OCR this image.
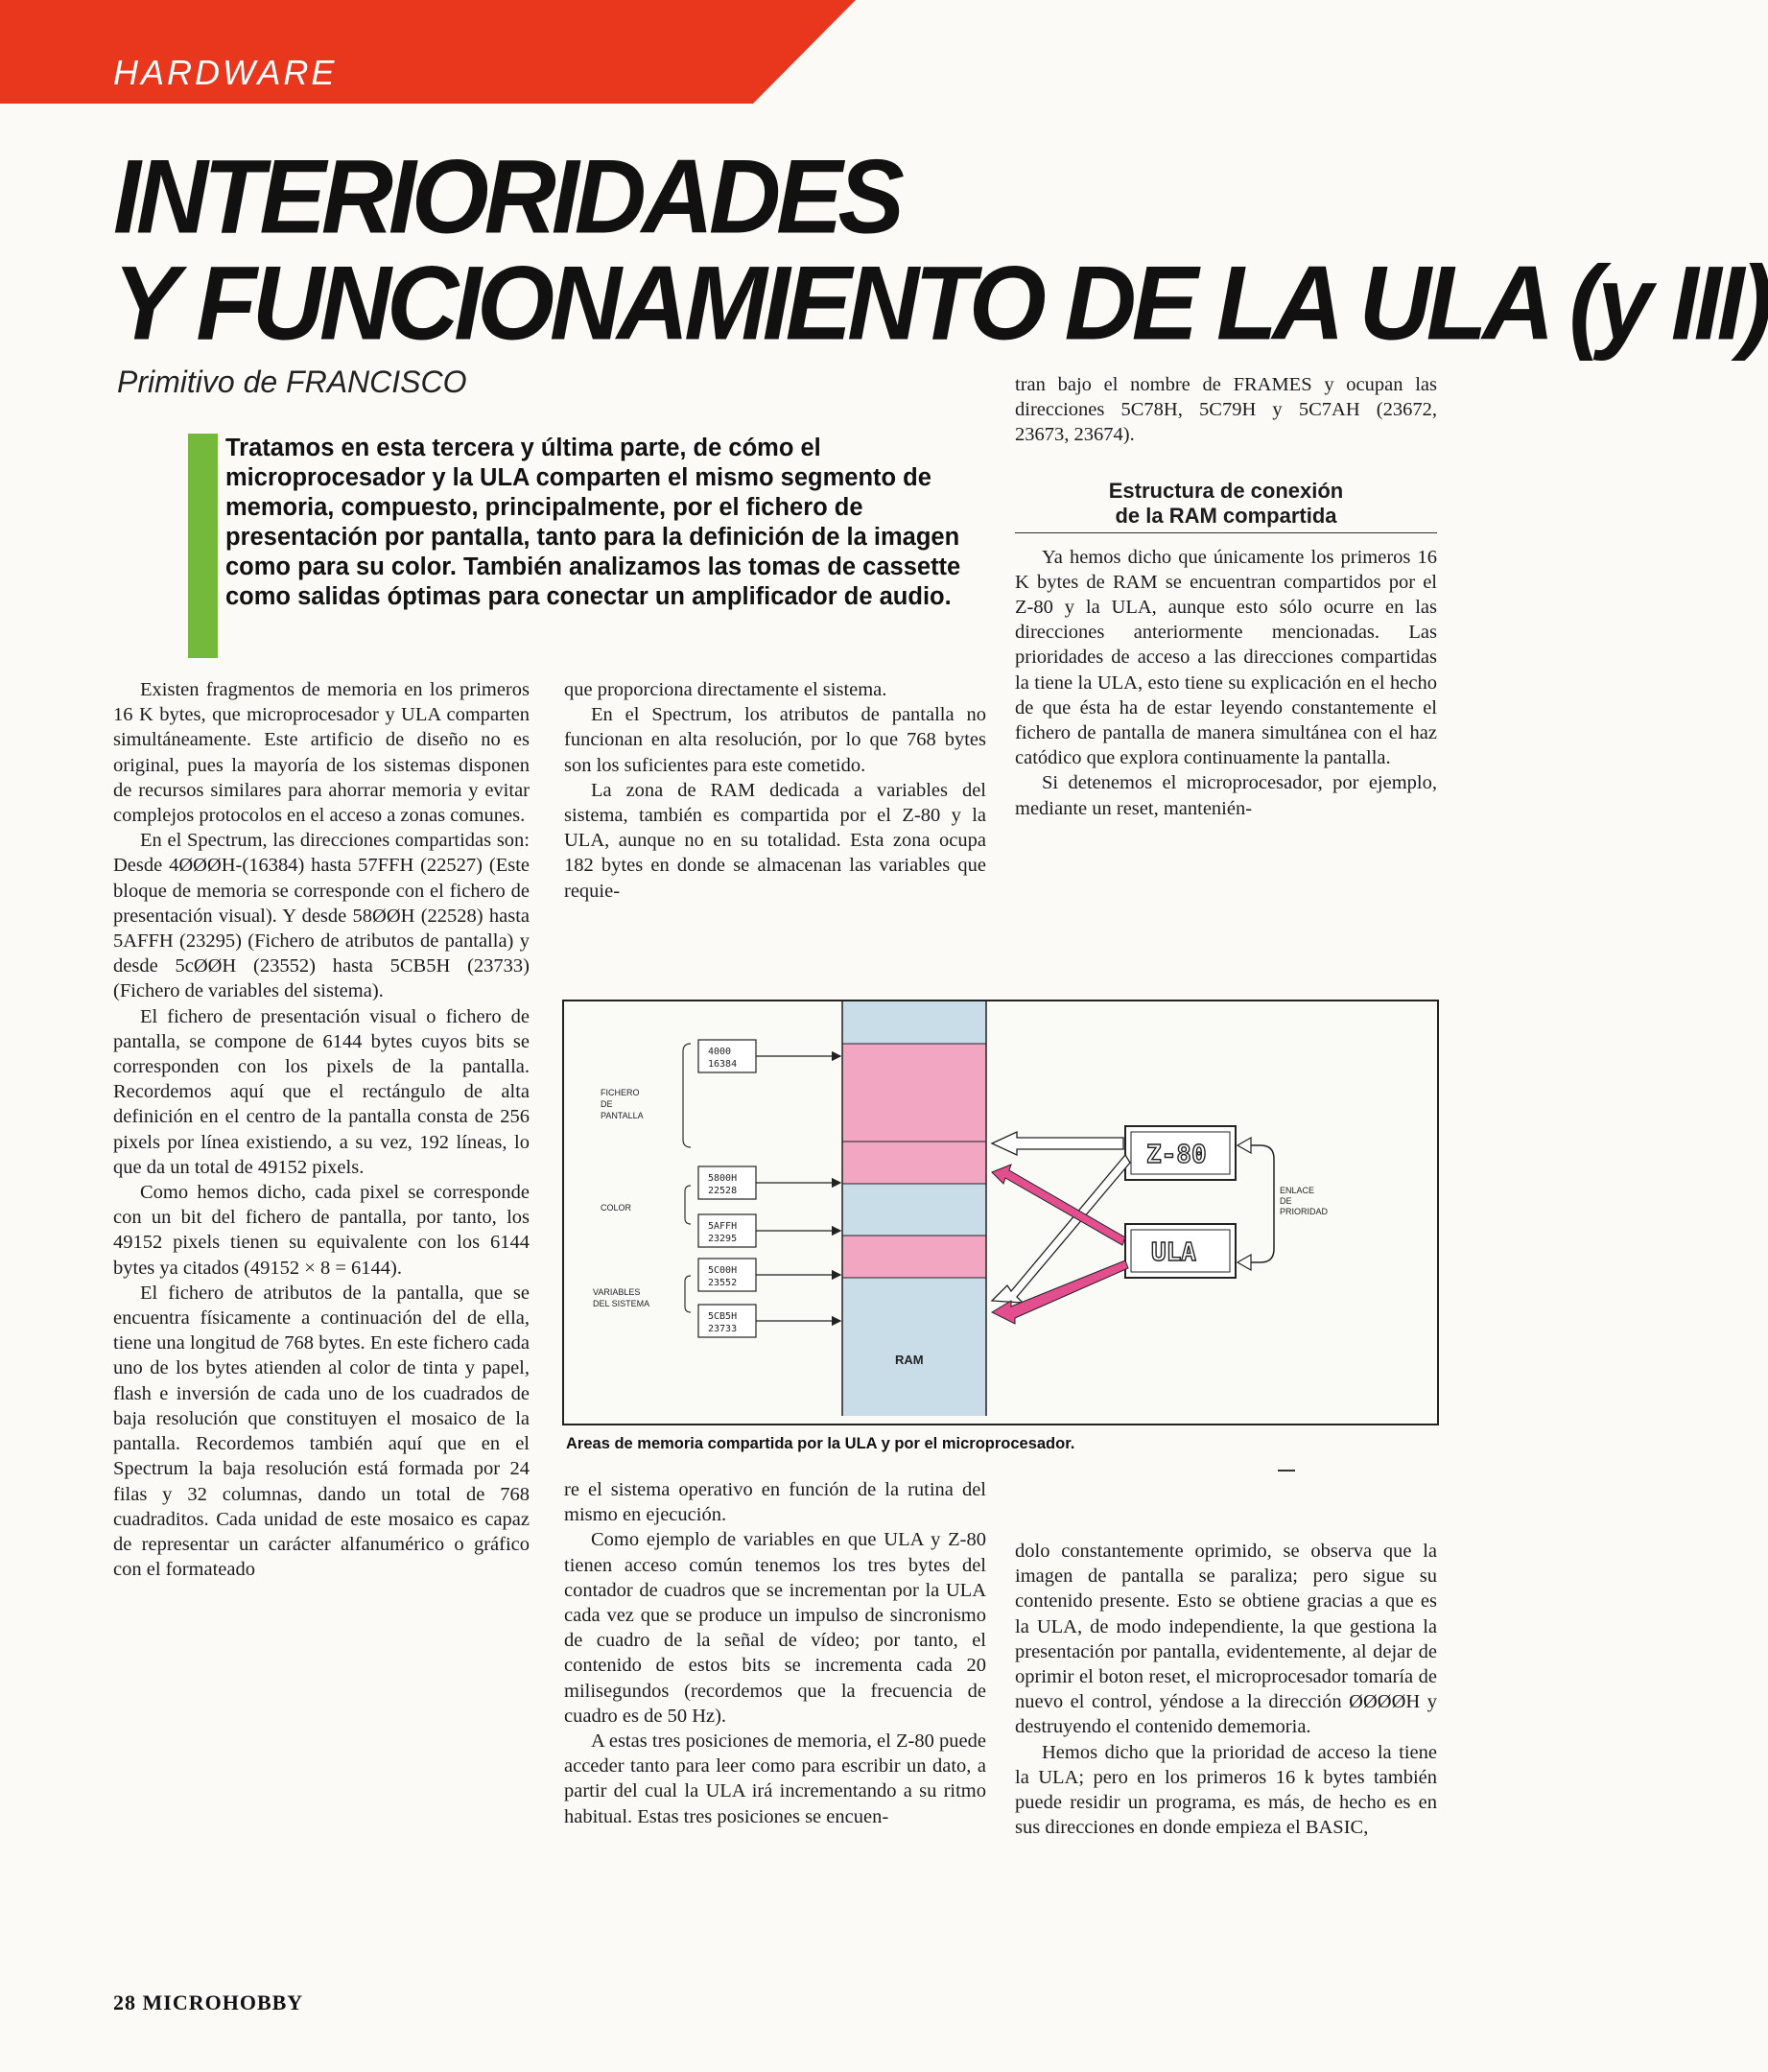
HARDWARE
INTERIORIDADES
Y FUNCIONAMIENTO DE LA ULA (y III)
Primitivo de FRANCISCO
Tratamos en esta tercera y última parte, de cómo el microprocesador y la ULA comparten el mismo segmento de memoria, compuesto, principalmente, por el fichero de presentación por pantalla, tanto para la definición de la imagen como para su color. También analizamos las tomas de cassette como salidas óptimas para conectar un amplificador de audio.

Existen fragmentos de memoria en los primeros 16 K bytes, que microprocesador y ULA comparten simultáneamente. Este artificio de diseño no es original, pues la mayoría de los sistemas disponen de recursos similares para ahorrar memoria y evitar complejos protocolos en el acceso a zonas comunes.

En el Spectrum, las direcciones compartidas son: Desde 4ØØØH-(16384) hasta 57FFH (22527) (Este bloque de memoria se corresponde con el fichero de presentación visual). Y desde 58ØØH (22528) hasta 5AFFH (23295) (Fichero de atributos de pantalla) y desde 5cØØH (23552) hasta 5CB5H (23733) (Fichero de variables del sistema).

El fichero de presentación visual o fichero de pantalla, se compone de 6144 bytes cuyos bits se corresponden con los pixels de la pantalla. Recordemos aquí que el rectángulo de alta definición en el centro de la pantalla consta de 256 pixels por línea existiendo, a su vez, 192 líneas, lo que da un total de 49152 pixels.

Como hemos dicho, cada pixel se corresponde con un bit del fichero de pantalla, por tanto, los 49152 pixels tienen su equivalente con los 6144 bytes ya citados (49152 × 8 = 6144).

El fichero de atributos de la pantalla, que se encuentra físicamente a continuación del de ella, tiene una longitud de 768 bytes. En este fichero cada uno de los bytes atienden al color de tinta y papel, flash e inversión de cada uno de los cuadrados de baja resolución que constituyen el mosaico de la pantalla. Recordemos también aquí que en el Spectrum la baja resolución está formada por 24 filas y 32 columnas, dando un total de 768 cuadraditos. Cada unidad de este mosaico es capaz de representar un carácter alfanumérico o gráfico con el formateado

que proporciona directamente el sistema.

En el Spectrum, los atributos de pantalla no funcionan en alta resolución, por lo que 768 bytes son los suficientes para este cometido.

La zona de RAM dedicada a variables del sistema, también es compartida por el Z-80 y la ULA, aunque no en su totalidad. Esta zona ocupa 182 bytes en donde se almacenan las variables que requie-

tran bajo el nombre de FRAMES y ocupan las direcciones 5C78H, 5C79H y 5C7AH (23672, 23673, 23674).

Estructura de conexión
de la RAM compartida

Ya hemos dicho que únicamente los primeros 16 K bytes de RAM se encuentran compartidos por el Z-80 y la ULA, aunque esto sólo ocurre en las direcciones anteriormente mencionadas. Las prioridades de acceso a las direcciones compartidas la tiene la ULA, esto tiene su explicación en el hecho de que ésta ha de estar leyendo constantemente el fichero de pantalla de manera simultánea con el haz catódico que explora continuamente la pantalla.

Si detenemos el microprocesador, por ejemplo, mediante un reset, mantenién-

RAM
FICHERO
DE
PANTALLA
COLOR
VARIABLES
DEL SISTEMA
4000
16384
5800H
22528
5AFFH
23295
5C00H
23552
5CB5H
23733
Z-80
ULA
ENLACE
DE
PRIORIDAD
Areas de memoria compartida por la ULA y por el microprocesador.

re el sistema operativo en función de la rutina del mismo en ejecución.

Como ejemplo de variables en que ULA y Z-80 tienen acceso común tenemos los tres bytes del contador de cuadros que se incrementan por la ULA cada vez que se produce un impulso de sincronismo de cuadro de la señal de vídeo; por tanto, el contenido de estos bits se incrementa cada 20 milisegundos (recordemos que la frecuencia de cuadro es de 50 Hz).

A estas tres posiciones de memoria, el Z-80 puede acceder tanto para leer como para escribir un dato, a partir del cual la ULA irá incrementando a su ritmo habitual. Estas tres posiciones se encuen-

dolo constantemente oprimido, se observa que la imagen de pantalla se paraliza; pero sigue su contenido presente. Esto se obtiene gracias a que es la ULA, de modo independiente, la que gestiona la presentación por pantalla, evidentemente, al dejar de oprimir el boton reset, el microprocesador tomaría de nuevo el control, yéndose a la dirección ØØØØH y destruyendo el contenido dememoria.

Hemos dicho que la prioridad de acceso la tiene la ULA; pero en los primeros 16 k bytes también puede residir un programa, es más, de hecho es en sus direcciones en donde empieza el BASIC,

28 MICROHOBBY
